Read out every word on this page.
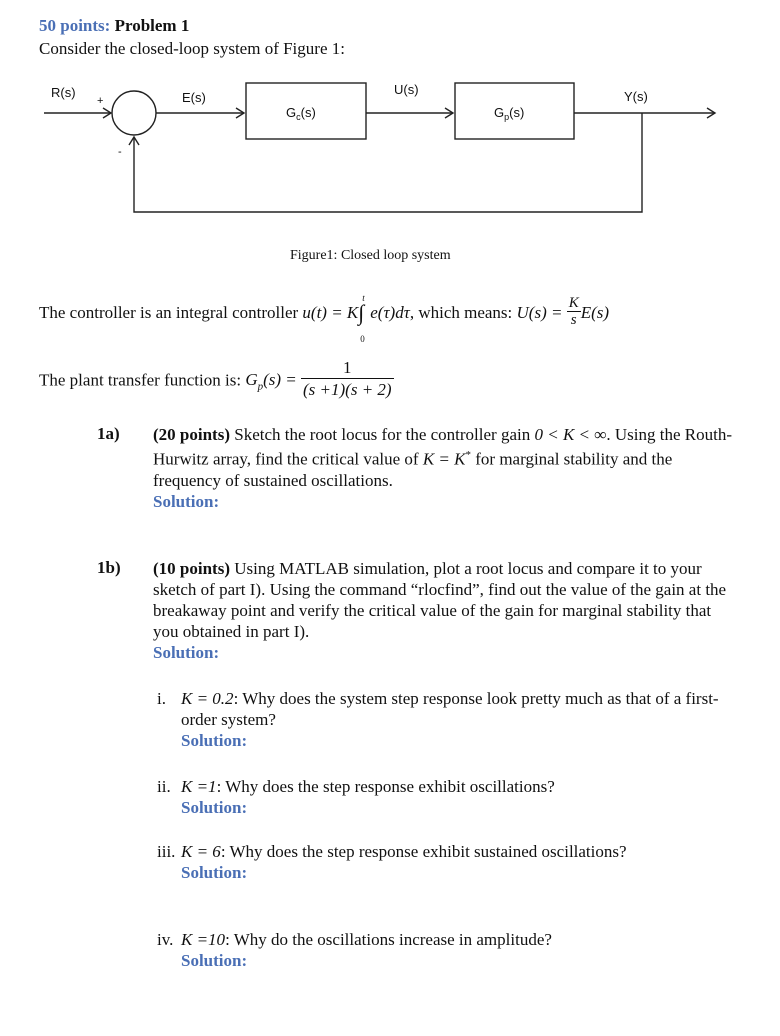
50 points: Problem 1
Consider the closed-loop system of Figure 1:
R(s)
+
-
E(s)
U(s)	Y(s)
$G_c(s)$	$G_p(s)$
Figure1: Closed loop system
The controller is an integral controller u(t) = K∫
t
0
e(τ)dτ, which means: $U(s) = \frac{K}{s} E(s)$
The plant transfer function is: $G_p(s) = \frac{1}{(s +1)(s + 2)}$
1a) (20 points) Sketch the root locus for the controller gain 0 < K < ∞. Using the Routh-Hurwitz array, find the critical value of K = K* for marginal stability and the frequency of sustained oscillations.
Solution:
1b) (10 points) Using MATLAB simulation, plot a root locus and compare it to your sketch of part I). Using the command “rlocfind”, find out the value of the gain at the breakaway point and verify the critical value of the gain for marginal stability that you obtained in part I).
Solution:
i. K = 0.2: Why does the system step response look pretty much as that of a first-order system?
Solution:
ii. K =1: Why does the step response exhibit oscillations?
Solution:
iii. K = 6: Why does the step response exhibit sustained oscillations?
Solution:
iv. K =10: Why do the oscillations increase in amplitude?
Solution:
